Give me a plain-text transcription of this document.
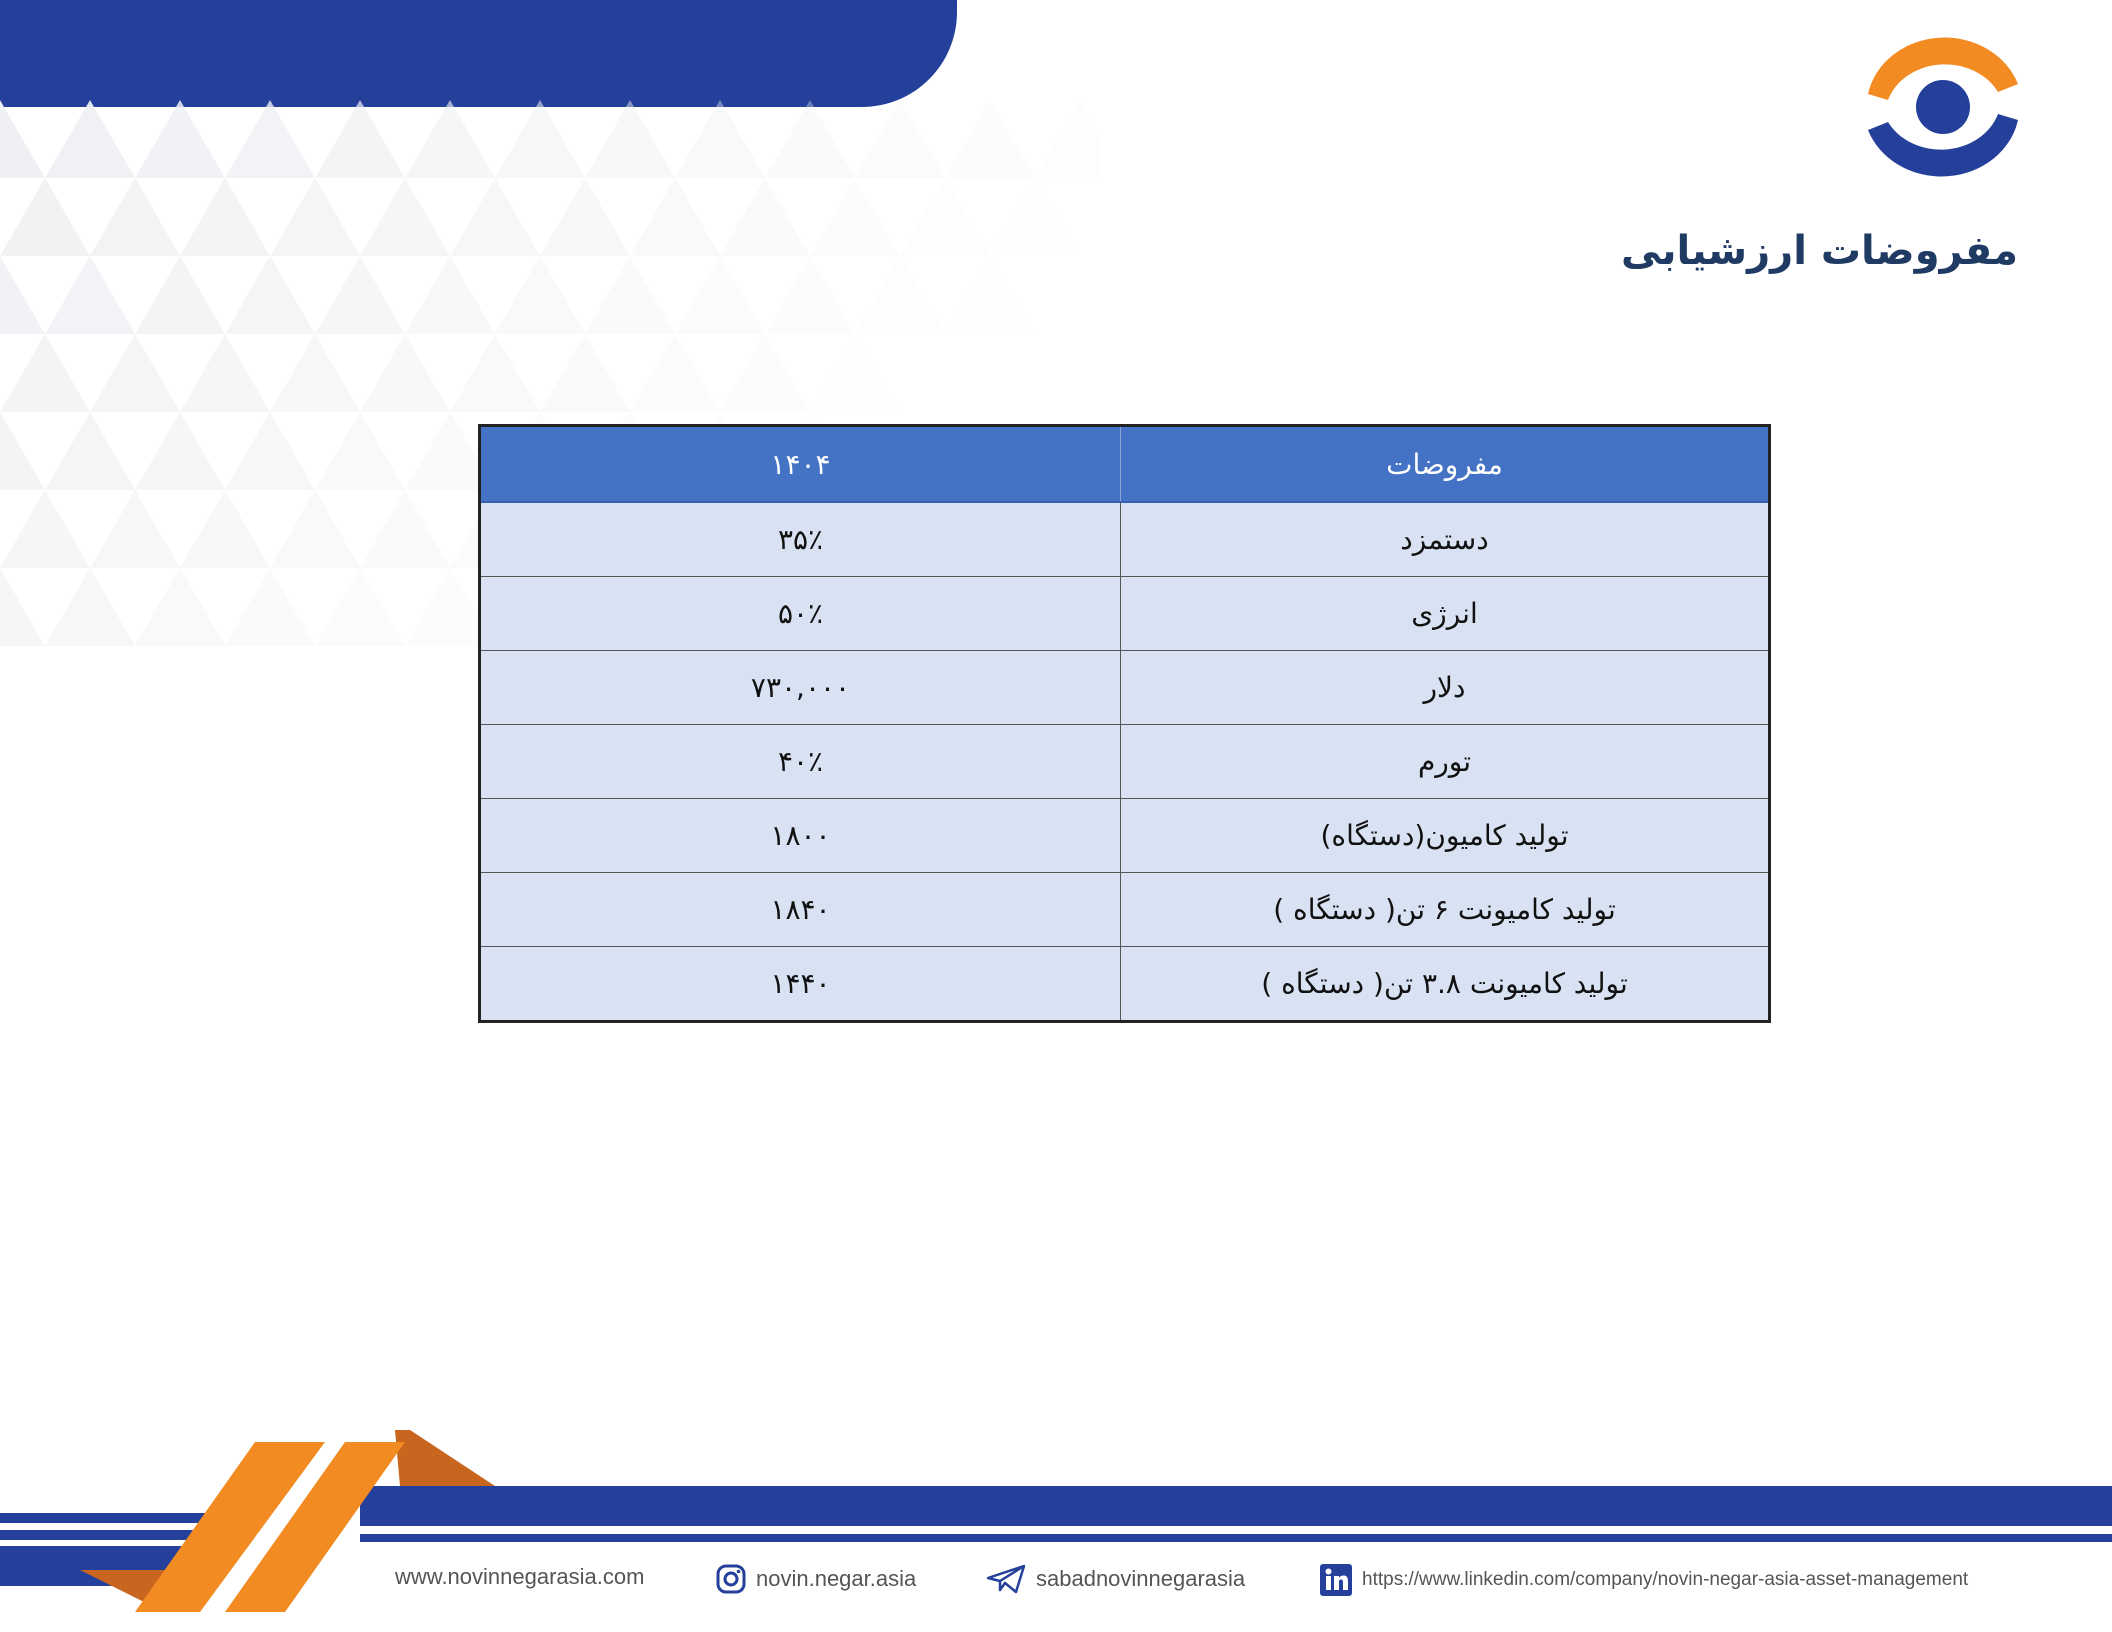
مفروضات ارزشیابی
مفروضات	۱۴۰۴
دستمزد	۳۵٪
انرژی	۵۰٪
دلار	۷۳۰,۰۰۰
تورم	۴۰٪
تولید کامیون(دستگاه)	۱۸۰۰
تولید کامیونت ۶ تن( دستگاه )	۱۸۴۰
تولید کامیونت ۳.۸ تن( دستگاه )	۱۴۴۰
www.novinnegarasia.com	novin.negar.asia	sabadnovinnegarasia	https://www.linkedin.com/company/novin-negar-asia-asset-management
